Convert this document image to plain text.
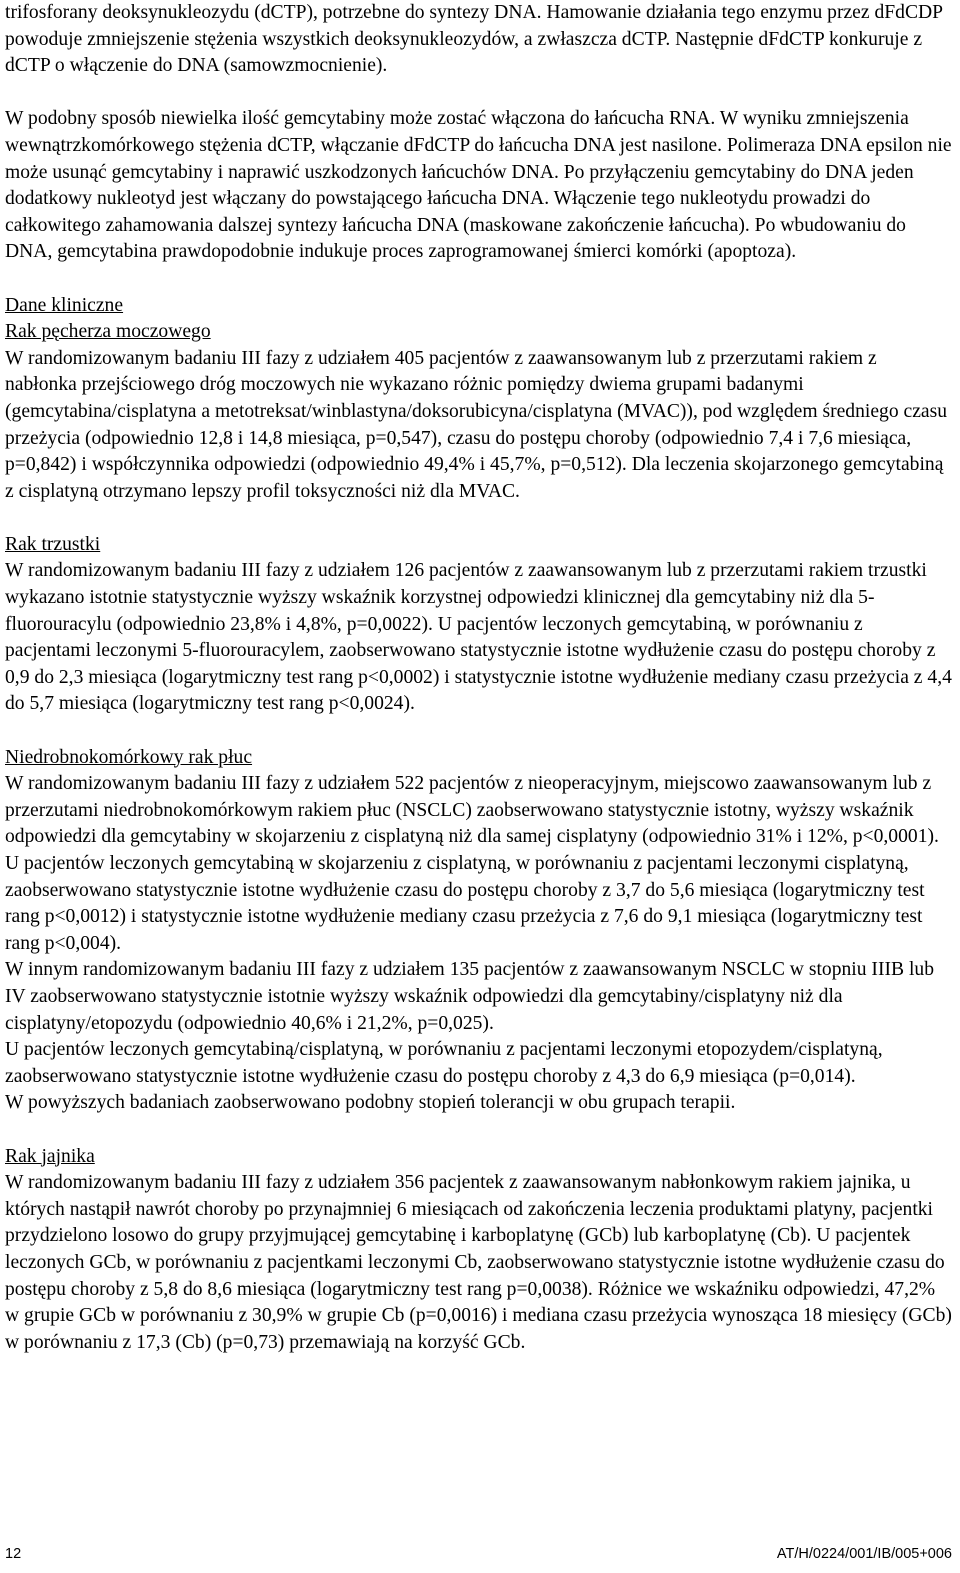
trifosforany deoksynukleozydu (dCTP), potrzebne do syntezy DNA. Hamowanie działania tego enzymu przez dFdCDP powoduje zmniejszenie stężenia wszystkich deoksynukleozydów, a zwłaszcza dCTP. Następnie dFdCTP konkuruje z dCTP o włączenie do DNA (samowzmocnienie).

W podobny sposób niewielka ilość gemcytabiny może zostać włączona do łańcucha RNA. W wyniku zmniejszenia wewnątrzkomórkowego stężenia dCTP, włączanie dFdCTP do łańcucha DNA jest nasilone. Polimeraza DNA epsilon nie może usunąć gemcytabiny i naprawić uszkodzonych łańcuchów DNA. Po przyłączeniu gemcytabiny do DNA jeden dodatkowy nukleotyd jest włączany do powstającego łańcucha DNA. Włączenie tego nukleotydu prowadzi do całkowitego zahamowania dalszej syntezy łańcucha DNA (maskowane zakończenie łańcucha). Po wbudowaniu do DNA, gemcytabina prawdopodobnie indukuje proces zaprogramowanej śmierci komórki (apoptoza).

Dane kliniczne

Rak pęcherza moczowego

W randomizowanym badaniu III fazy z udziałem 405 pacjentów z zaawansowanym lub z przerzutami rakiem z nabłonka przejściowego dróg moczowych nie wykazano różnic pomiędzy dwiema grupami badanymi (gemcytabina/cisplatyna a metotreksat/winblastyna/doksorubicyna/cisplatyna (MVAC)), pod względem średniego czasu przeżycia (odpowiednio 12,8 i 14,8 miesiąca, p=0,547), czasu do postępu choroby (odpowiednio 7,4 i 7,6 miesiąca, p=0,842) i współczynnika odpowiedzi (odpowiednio 49,4% i 45,7%, p=0,512). Dla leczenia skojarzonego gemcytabiną z cisplatyną otrzymano lepszy profil toksyczności niż dla MVAC.

Rak trzustki

W randomizowanym badaniu III fazy z udziałem 126 pacjentów z zaawansowanym lub z przerzutami rakiem trzustki wykazano istotnie statystycznie wyższy wskaźnik korzystnej odpowiedzi klinicznej dla gemcytabiny niż dla 5-fluorouracylu (odpowiednio 23,8% i 4,8%, p=0,0022). U pacjentów leczonych gemcytabiną, w porównaniu z pacjentami leczonymi 5-fluorouracylem, zaobserwowano statystycznie istotne wydłużenie czasu do postępu choroby z 0,9 do 2,3 miesiąca (logarytmiczny test rang p<0,0002) i statystycznie istotne wydłużenie mediany czasu przeżycia z 4,4 do 5,7 miesiąca (logarytmiczny test rang p<0,0024).

Niedrobnokomórkowy rak płuc

W randomizowanym badaniu III fazy z udziałem 522 pacjentów z nieoperacyjnym, miejscowo zaawansowanym lub z przerzutami niedrobnokomórkowym rakiem płuc (NSCLC) zaobserwowano statystycznie istotny, wyższy wskaźnik odpowiedzi dla gemcytabiny w skojarzeniu z cisplatyną niż dla samej cisplatyny (odpowiednio 31% i 12%, p<0,0001). U pacjentów leczonych gemcytabiną w skojarzeniu z cisplatyną, w porównaniu z pacjentami leczonymi cisplatyną, zaobserwowano statystycznie istotne wydłużenie czasu do postępu choroby z 3,7 do 5,6 miesiąca (logarytmiczny test rang p<0,0012) i statystycznie istotne wydłużenie mediany czasu przeżycia z 7,6 do 9,1 miesiąca (logarytmiczny test rang p<0,004).

W innym randomizowanym badaniu III fazy z udziałem 135 pacjentów z zaawansowanym NSCLC w stopniu IIIB lub IV zaobserwowano statystycznie istotnie wyższy wskaźnik odpowiedzi dla gemcytabiny/cisplatyny niż dla cisplatyny/etopozydu (odpowiednio 40,6% i 21,2%, p=0,025).

U pacjentów leczonych gemcytabiną/cisplatyną, w porównaniu z pacjentami leczonymi etopozydem/cisplatyną, zaobserwowano statystycznie istotne wydłużenie czasu do postępu choroby z 4,3 do 6,9 miesiąca (p=0,014).

W powyższych badaniach zaobserwowano podobny stopień tolerancji w obu grupach terapii.

Rak jajnika

W randomizowanym badaniu III fazy z udziałem 356 pacjentek z zaawansowanym nabłonkowym rakiem jajnika, u których nastąpił nawrót choroby po przynajmniej 6 miesiącach od zakończenia leczenia produktami platyny, pacjentki przydzielono losowo do grupy przyjmującej gemcytabinę i karboplatynę (GCb) lub karboplatynę (Cb). U pacjentek leczonych GCb, w porównaniu z pacjentkami leczonymi Cb, zaobserwowano statystycznie istotne wydłużenie czasu do postępu choroby z 5,8 do 8,6 miesiąca (logarytmiczny test rang p=0,0038). Różnice we wskaźniku odpowiedzi, 47,2% w grupie GCb w porównaniu z 30,9% w grupie Cb (p=0,0016) i mediana czasu przeżycia wynosząca 18 miesięcy (GCb) w porównaniu z 17,3 (Cb) (p=0,73) przemawiają na korzyść GCb.

12	AT/H/0224/001/IB/005+006
